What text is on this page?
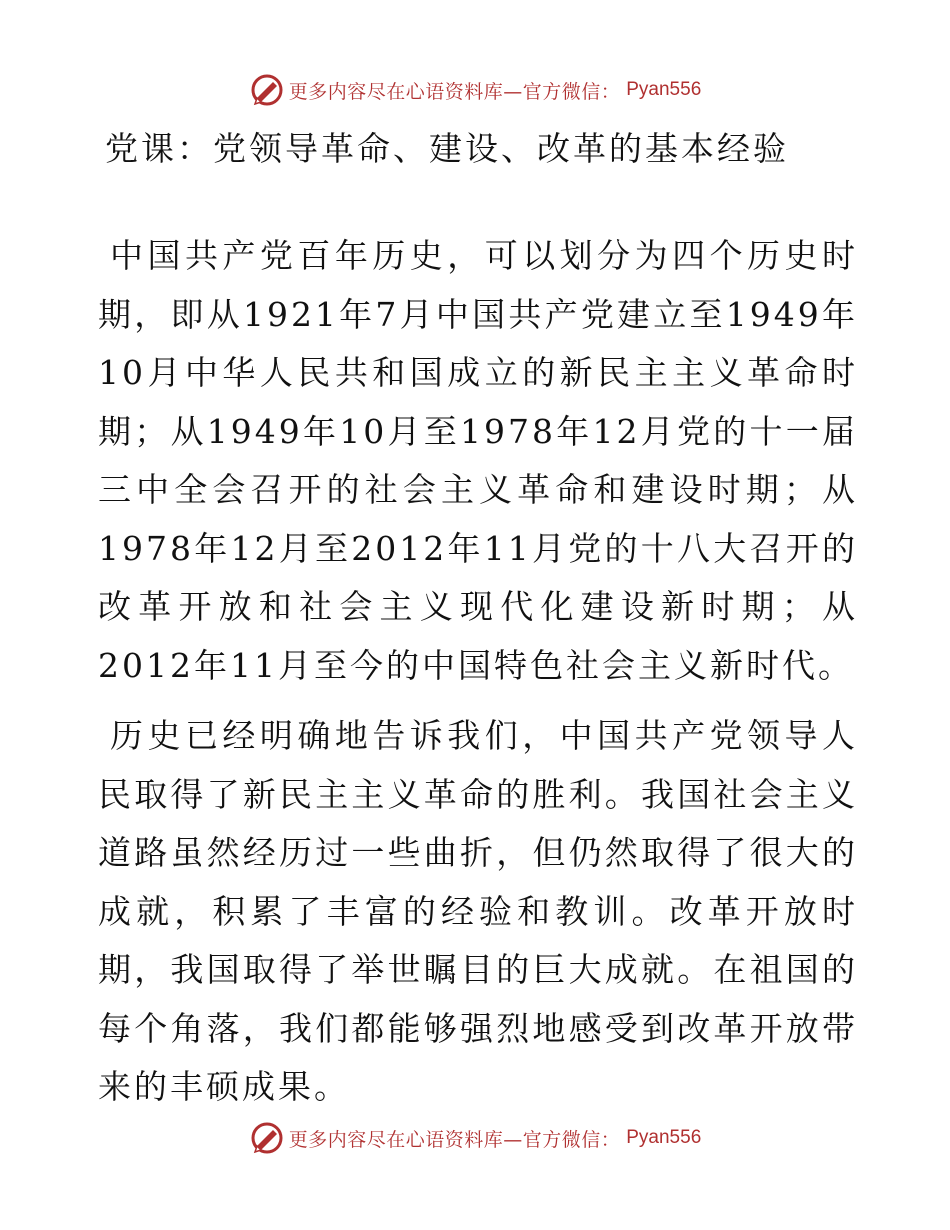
更多内容尽在心语资料库—官方微信： Pyan556
党课：党领导革命、建设、改革的基本经验

中国共产党百年历史，可以划分为四个历史时期，即从1921年7月中国共产党建立至1949年10月中华人民共和国成立的新民主主义革命时期；从1949年10月至1978年12月党的十一届三中全会召开的社会主义革命和建设时期；从1978年12月至2012年11月党的十八大召开的改革开放和社会主义现代化建设新时期；从2012年11月至今的中国特色社会主义新时代。

历史已经明确地告诉我们，中国共产党领导人民取得了新民主主义革命的胜利。我国社会主义道路虽然经历过一些曲折，但仍然取得了很大的成就，积累了丰富的经验和教训。改革开放时期，我国取得了举世瞩目的巨大成就。在祖国的每个角落，我们都能够强烈地感受到改革开放带来的丰硕成果。

更多内容尽在心语资料库—官方微信： Pyan556
